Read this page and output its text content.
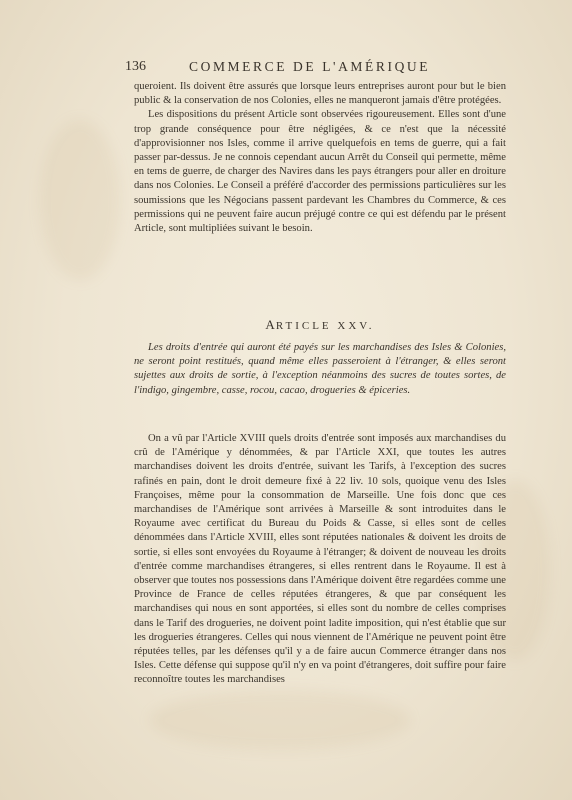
136	COMMERCE DE L'AMÉRIQUE
queroient. Ils doivent être assurés que lorsque leurs entreprises auront pour but le bien public & la conservation de nos Colonies, elles ne manqueront jamais d'être protégées.
Les dispositions du présent Article sont observées rigoureusement. Elles sont d'une trop grande conséquence pour être négligées, & ce n'est que la nécessité d'approvisionner nos Isles, comme il arrive quelquefois en tems de guerre, qui a fait passer par-dessus. Je ne connois cependant aucun Arrêt du Conseil qui permette, même en tems de guerre, de charger des Navires dans les pays étrangers pour aller en droiture dans nos Colonies. Le Conseil a préféré d'accorder des permissions particulières sur les soumissions que les Négocians passent pardevant les Chambres du Commerce, & ces permissions qui ne peuvent faire aucun préjugé contre ce qui est défendu par le présent Article, sont multipliées suivant le besoin.
ARTICLE XXV.
Les droits d'entrée qui auront été payés sur les marchandises des Isles & Colonies, ne seront point restitués, quand même elles passeroient à l'étranger, & elles seront sujettes aux droits de sortie, à l'exception néanmoins des sucres de toutes sortes, de l'indigo, gingembre, casse, rocou, cacao, drogueries & épiceries.
On a vû par l'Article XVIII quels droits d'entrée sont imposés aux marchandises du crû de l'Amérique y dénommées, & par l'Article XXI, que toutes les autres marchandises doivent les droits d'entrée, suivant les Tarifs, à l'exception des sucres rafinés en pain, dont le droit demeure fixé à 22 liv. 10 sols, quoique venu des Isles Françoises, même pour la consommation de Marseille. Une fois donc que ces marchandises de l'Amérique sont arrivées à Marseille & sont introduites dans le Royaume avec certificat du Bureau du Poids & Casse, si elles sont de celles dénommées dans l'Article XVIII, elles sont réputées nationales & doivent les droits de sortie, si elles sont envoyées du Royaume à l'étranger; & doivent de nouveau les droits d'entrée comme marchandises étrangeres, si elles rentrent dans le Royaume. Il est à observer que toutes nos possessions dans l'Amérique doivent être regardées comme une Province de France de celles réputées étrangeres, & que par conséquent les marchandises qui nous en sont apportées, si elles sont du nombre de celles comprises dans le Tarif des drogueries, ne doivent point ladite imposition, qui n'est établie que sur les drogueries étrangeres. Celles qui nous viennent de l'Amérique ne peuvent point être réputées telles, par les défenses qu'il y a de faire aucun Commerce étranger dans nos Isles. Cette défense qui suppose qu'il n'y en va point d'étrangeres, doit suffire pour faire reconnoître toutes les marchandises
